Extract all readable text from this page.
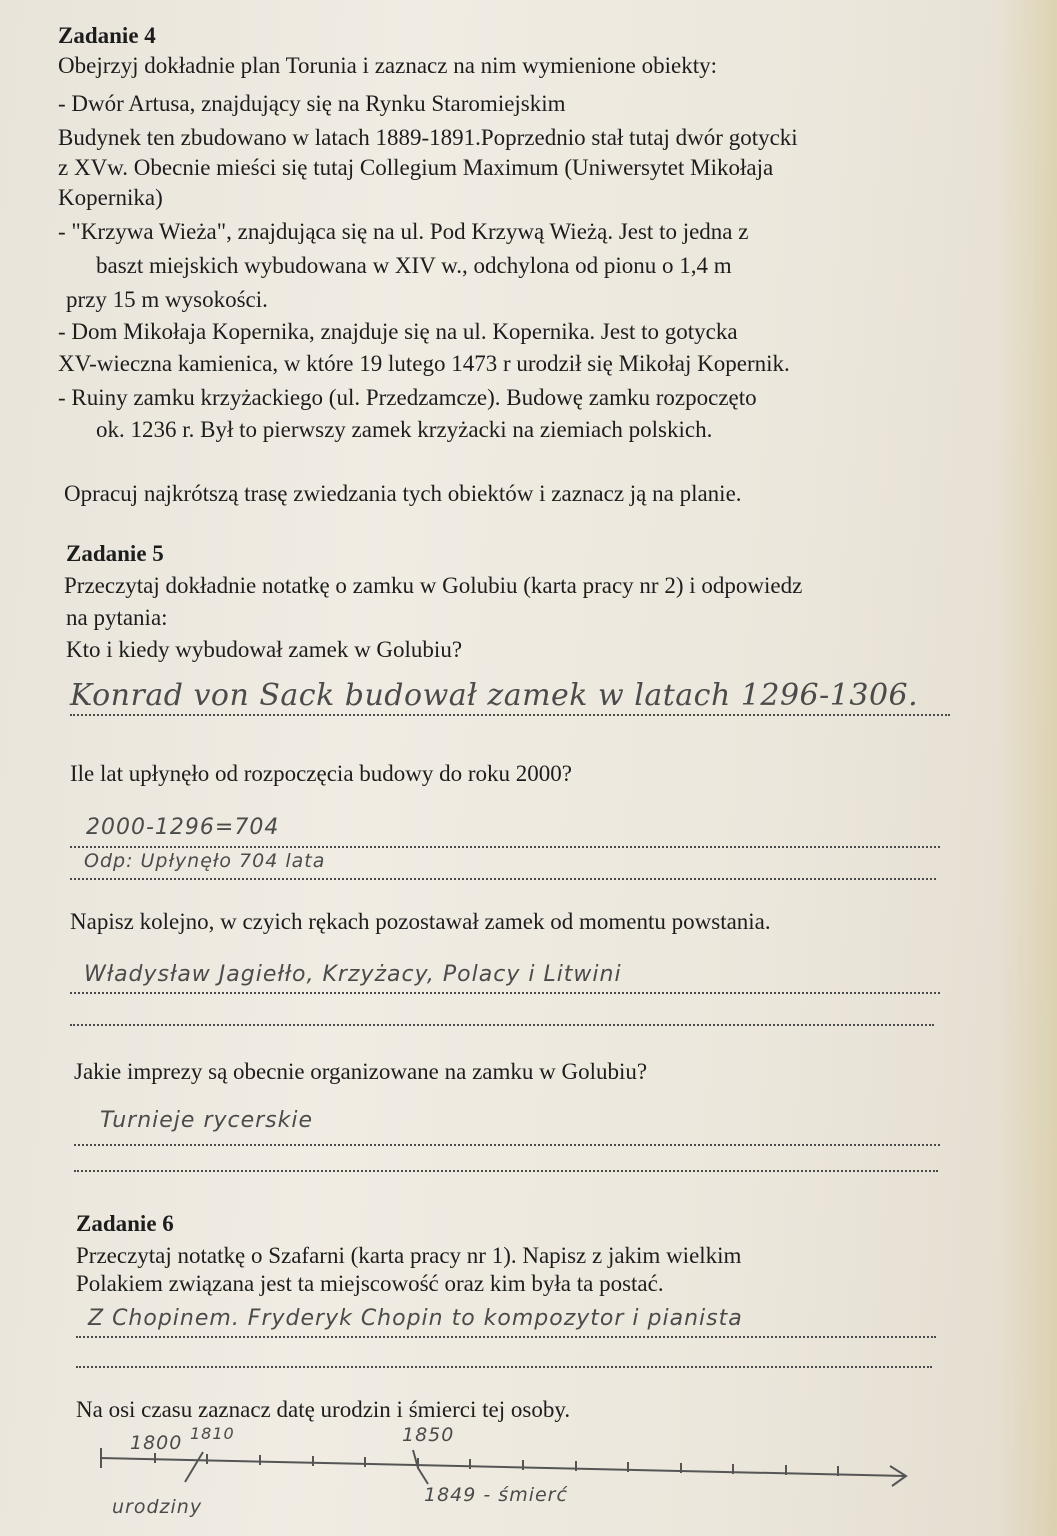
Zadanie 4
Obejrzyj dokładnie plan Torunia i zaznacz na nim wymienione obiekty:
- Dwór Artusa, znajdujący się na Rynku Staromiejskim
Budynek ten zbudowano w latach 1889-1891.Poprzednio stał tutaj dwór gotycki
z XVw. Obecnie mieści się tutaj Collegium Maximum (Uniwersytet Mikołaja
Kopernika)
- "Krzywa Wieża", znajdująca się na ul. Pod Krzywą Wieżą. Jest to jedna z
baszt miejskich wybudowana w XIV w., odchylona od pionu o 1,4 m
przy 15 m wysokości.
- Dom Mikołaja Kopernika, znajduje się na ul. Kopernika. Jest to gotycka
XV-wieczna kamienica, w które 19 lutego 1473 r urodził się Mikołaj Kopernik.
- Ruiny zamku krzyżackiego (ul. Przedzamcze). Budowę zamku rozpoczęto
ok. 1236 r. Był to pierwszy zamek krzyżacki na ziemiach polskich.
Opracuj najkrótszą trasę zwiedzania tych obiektów i zaznacz ją na planie.
Zadanie 5
Przeczytaj dokładnie notatkę o zamku w Golubiu (karta pracy nr 2) i odpowiedz
na pytania:
Kto i kiedy wybudował zamek w Golubiu?
Konrad von Sack budował zamek w latach 1296-1306.
Ile lat upłynęło od rozpoczęcia budowy do roku 2000?
2000-1296=704
Odp: Upłynęło 704 lata
Napisz kolejno, w czyich rękach pozostawał zamek od momentu powstania.
Władysław Jagiełło, Krzyżacy, Polacy i Litwini
Jakie imprezy są obecnie organizowane na zamku w Golubiu?
Turnieje rycerskie
Zadanie 6
Przeczytaj notatkę o Szafarni (karta pracy nr 1). Napisz z jakim wielkim
Polakiem związana jest ta miejscowość oraz kim była ta postać.
Z Chopinem. Fryderyk Chopin to kompozytor i pianista
Na osi czasu zaznacz datę urodzin i śmierci tej osoby.
1800 1810	1850
urodziny
1849 - śmierć
